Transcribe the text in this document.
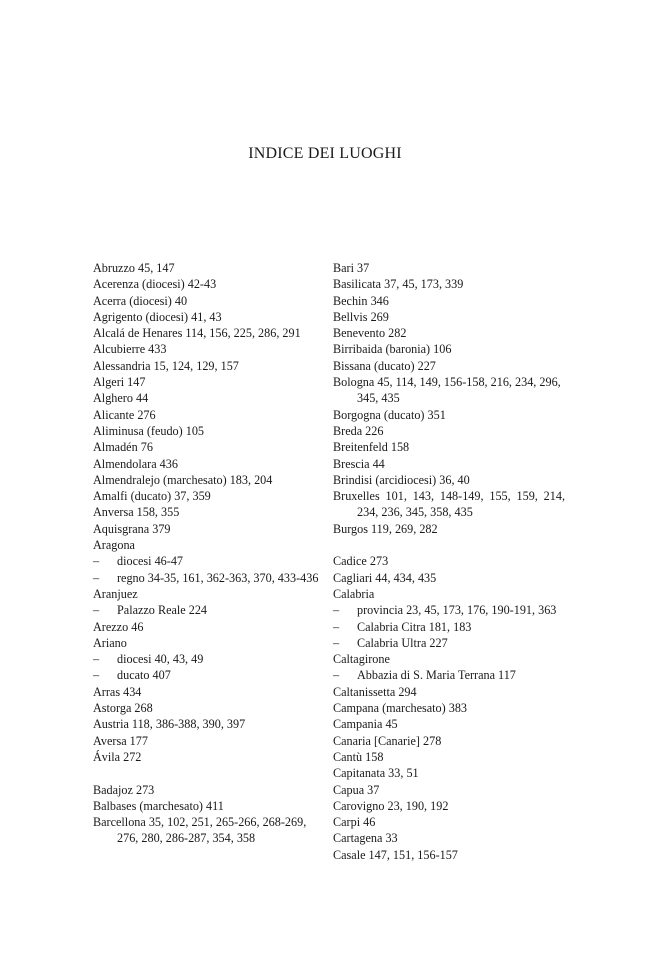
INDICE DEI LUOGHI
Abruzzo 45, 147
Acerenza (diocesi) 42-43
Acerra (diocesi) 40
Agrigento (diocesi) 41, 43
Alcalá de Henares 114, 156, 225, 286, 291
Alcubierre 433
Alessandria 15, 124, 129, 157
Algeri 147
Alghero 44
Alicante 276
Aliminusa (feudo) 105
Almadén 76
Almendolara 436
Almendralejo (marchesato) 183, 204
Amalfi (ducato) 37, 359
Anversa 158, 355
Aquisgrana 379
Aragona
– diocesi 46-47
– regno 34-35, 161, 362-363, 370, 433-436
Aranjuez
– Palazzo Reale 224
Arezzo 46
Ariano
– diocesi 40, 43, 49
– ducato 407
Arras 434
Astorga 268
Austria 118, 386-388, 390, 397
Aversa 177
Ávila 272
Badajoz 273
Balbases (marchesato) 411
Barcellona 35, 102, 251, 265-266, 268-269, 276, 280, 286-287, 354, 358
Bari 37
Basilicata 37, 45, 173, 339
Bechin 346
Bellvis 269
Benevento 282
Birribaida (baronia) 106
Bissana (ducato) 227
Bologna 45, 114, 149, 156-158, 216, 234, 296, 345, 435
Borgogna (ducato) 351
Breda 226
Breitenfeld 158
Brescia 44
Brindisi (arcidiocesi) 36, 40
Bruxelles 101, 143, 148-149, 155, 159, 214, 234, 236, 345, 358, 435
Burgos 119, 269, 282
Cadice 273
Cagliari 44, 434, 435
Calabria
– provincia 23, 45, 173, 176, 190-191, 363
– Calabria Citra 181, 183
– Calabria Ultra 227
Caltagirone
– Abbazia di S. Maria Terrana 117
Caltanissetta 294
Campana (marchesato) 383
Campania 45
Canaria [Canarie] 278
Cantù 158
Capitanata 33, 51
Capua 37
Carovigno 23, 190, 192
Carpi 46
Cartagena 33
Casale 147, 151, 156-157
